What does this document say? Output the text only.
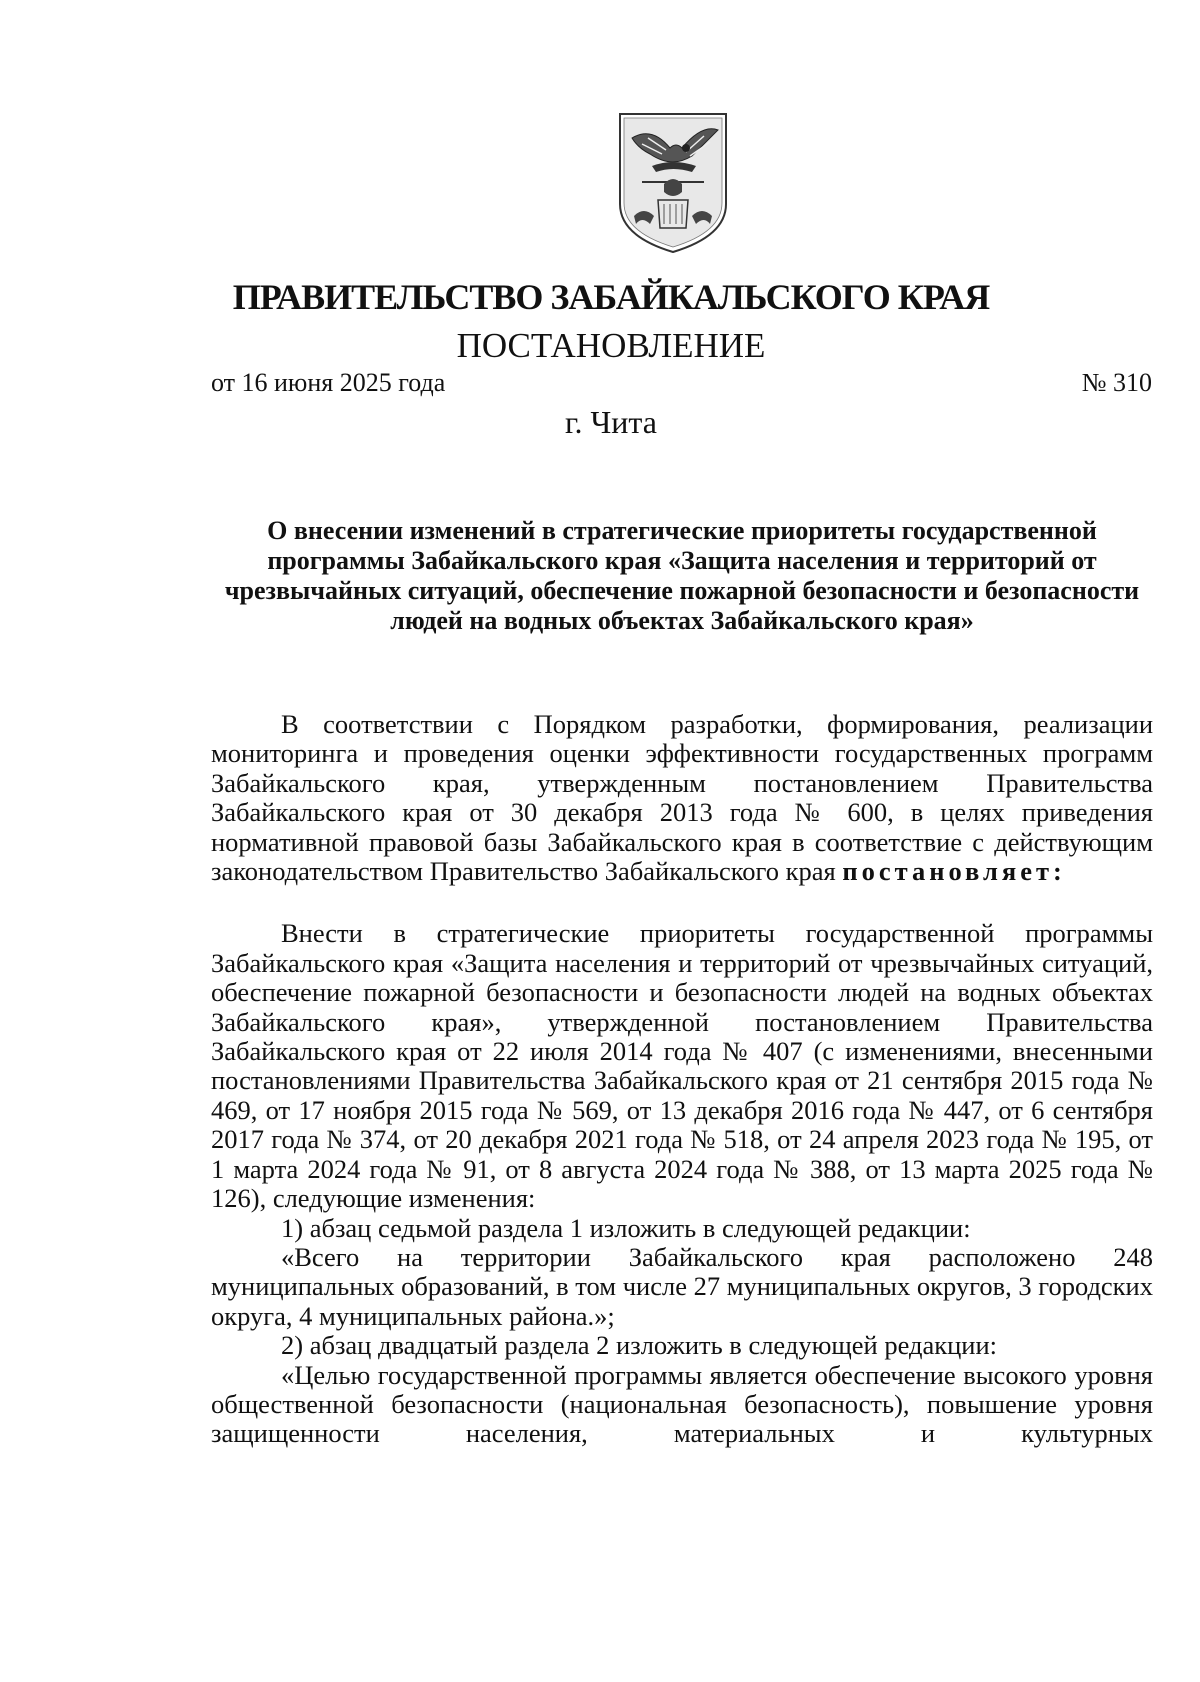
ПРАВИТЕЛЬСТВО ЗАБАЙКАЛЬСКОГО КРАЯ
ПОСТАНОВЛЕНИЕ
от 16 июня 2025 года	№ 310
г. Чита
О внесении изменений в стратегические приоритеты государственной программы Забайкальского края «Защита населения и территорий от чрезвычайных ситуаций, обеспечение пожарной безопасности и безопасности людей на водных объектах Забайкальского края»

В соответствии с Порядком разработки, формирования, реализации мониторинга и проведения оценки эффективности государственных программ Забайкальского края, утвержденным постановлением Правительства Забайкальского края от 30 декабря 2013 года № 600, в целях приведения нормативной правовой базы Забайкальского края в соответствие с действующим законодательством Правительство Забайкальского края постановляет:

Внести в стратегические приоритеты государственной программы Забайкальского края «Защита населения и территорий от чрезвычайных ситуаций, обеспечение пожарной безопасности и безопасности людей на водных объектах Забайкальского края», утвержденной постановлением Правительства Забайкальского края от 22 июля 2014 года № 407 (с изменениями, внесенными постановлениями Правительства Забайкальского края от 21 сентября 2015 года № 469, от 17 ноября 2015 года № 569, от 13 декабря 2016 года № 447, от 6 сентября 2017 года № 374, от 20 декабря 2021 года № 518, от 24 апреля 2023 года № 195, от 1 марта 2024 года № 91, от 8 августа 2024 года № 388, от 13 марта 2025 года № 126), следующие изменения:

1) абзац седьмой раздела 1 изложить в следующей редакции:

«Всего на территории Забайкальского края расположено 248 муниципальных образований, в том числе 27 муниципальных округов, 3 городских округа, 4 муниципальных района.»;

2) абзац двадцатый раздела 2 изложить в следующей редакции:

«Целью государственной программы является обеспечение высокого уровня общественной безопасности (национальная безопасность), повышение уровня защищенности населения, материальных и культурных
